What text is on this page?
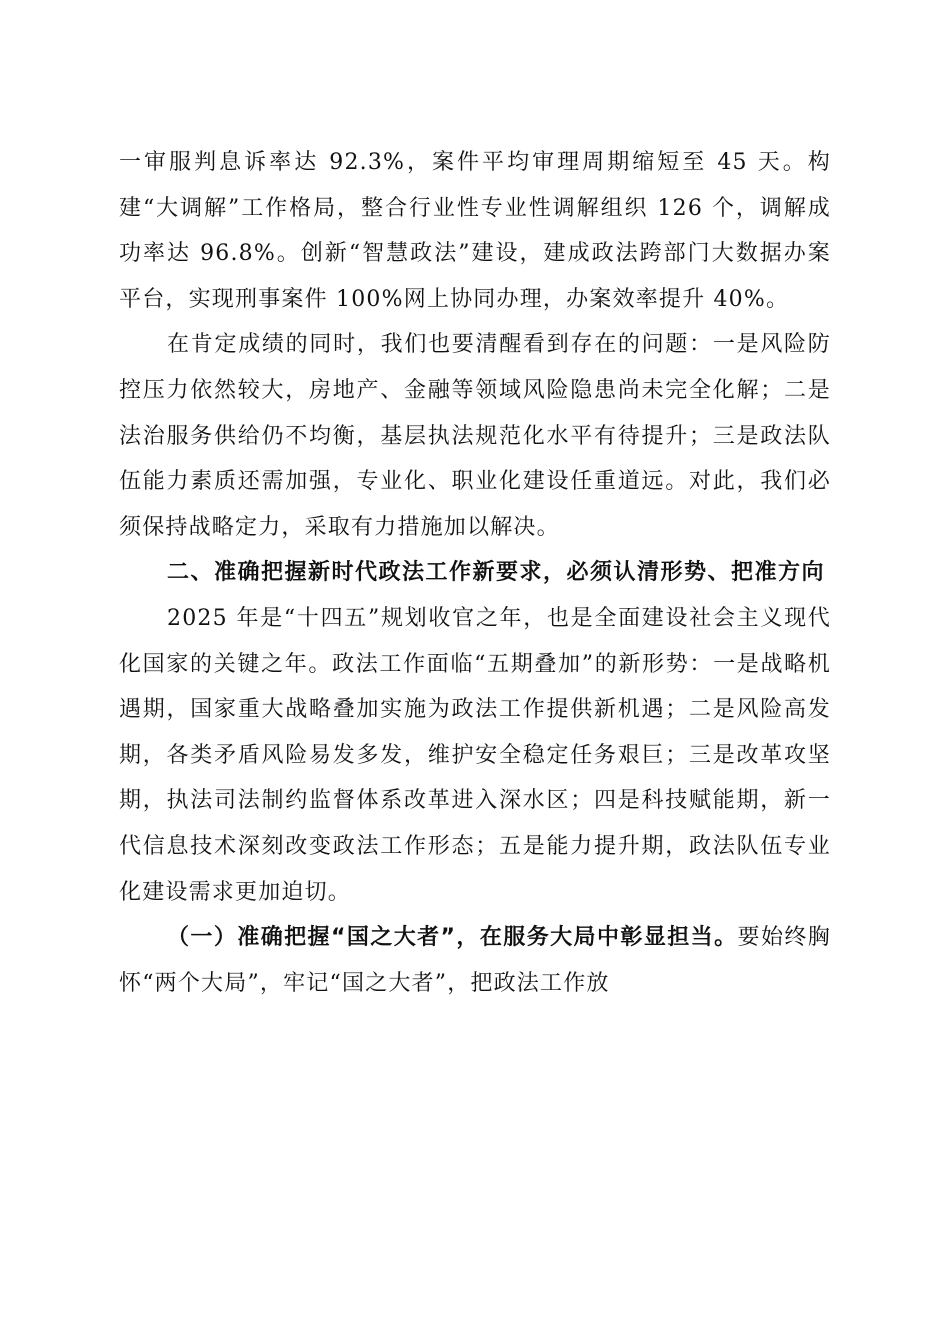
一审服判息诉率达 92.3%，案件平均审理周期缩短至 45 天。构建“大调解”工作格局，整合行业性专业性调解组织 126 个，调解成功率达 96.8%。创新“智慧政法”建设，建成政法跨部门大数据办案平台，实现刑事案件 100%网上协同办理，办案效率提升 40%。

在肯定成绩的同时，我们也要清醒看到存在的问题：一是风险防控压力依然较大，房地产、金融等领域风险隐患尚未完全化解；二是法治服务供给仍不均衡，基层执法规范化水平有待提升；三是政法队伍能力素质还需加强，专业化、职业化建设任重道远。对此，我们必须保持战略定力，采取有力措施加以解决。

二、准确把握新时代政法工作新要求，必须认清形势、把准方向

2025 年是“十四五”规划收官之年，也是全面建设社会主义现代化国家的关键之年。政法工作面临“五期叠加”的新形势：一是战略机遇期，国家重大战略叠加实施为政法工作提供新机遇；二是风险高发期，各类矛盾风险易发多发，维护安全稳定任务艰巨；三是改革攻坚期，执法司法制约监督体系改革进入深水区；四是科技赋能期，新一代信息技术深刻改变政法工作形态；五是能力提升期，政法队伍专业化建设需求更加迫切。

（一）准确把握“国之大者”，在服务大局中彰显担当。要始终胸怀“两个大局”，牢记“国之大者”，把政法工作放
